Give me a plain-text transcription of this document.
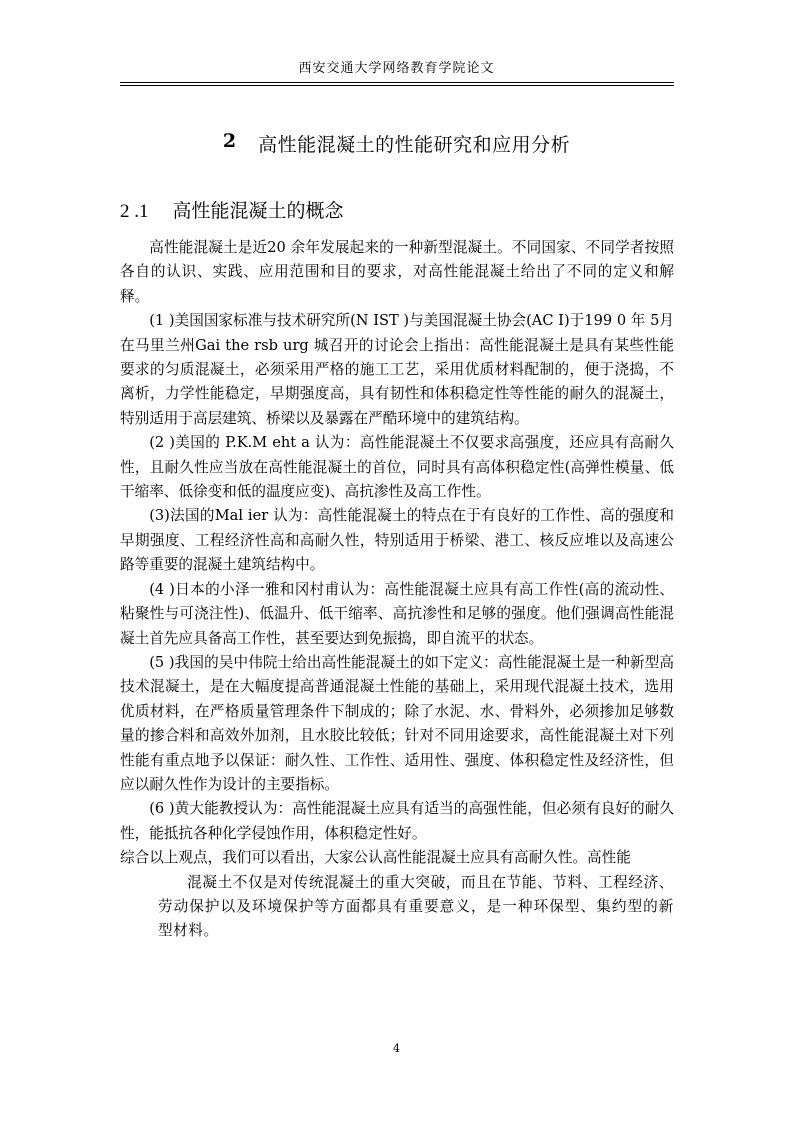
西安交通大学网络教育学院论文
2 高性能混凝土的性能研究和应用分析
2 .1 高性能混凝土的概念

高性能混凝土是近20 余年发展起来的一种新型混凝土。不同国家、不同学者按照各自的认识、实践、应用范围和目的要求，对高性能混凝土给出了不同的定义和解释。

(1 )美国国家标准与技术研究所(N IST )与美国混凝土协会(AC I)于199 0 年 5月在马里兰州Gai the rsb urg 城召开的讨论会上指出：高性能混凝土是具有某些性能要求的匀质混凝土，必须采用严格的施工工艺，采用优质材料配制的，便于浇捣，不离析，力学性能稳定，早期强度高，具有韧性和体积稳定性等性能的耐久的混凝土，特别适用于高层建筑、桥梁以及暴露在严酷环境中的建筑结构。

(2 )美国的 P.K.M eht a 认为：高性能混凝土不仅要求高强度，还应具有高耐久性，且耐久性应当放在高性能混凝土的首位，同时具有高体积稳定性(高弹性模量、低干缩率、低徐变和低的温度应变)、高抗渗性及高工作性。

(3)法国的Mal ier 认为：高性能混凝土的特点在于有良好的工作性、高的强度和早期强度、工程经济性高和高耐久性，特别适用于桥梁、港工、核反应堆以及高速公路等重要的混凝土建筑结构中。

(4 )日本的小泽一雅和冈村甫认为：高性能混凝土应具有高工作性(高的流动性、粘聚性与可浇注性)、低温升、低干缩率、高抗渗性和足够的强度。他们强调高性能混凝土首先应具备高工作性，甚至要达到免振捣，即自流平的状态。

(5 )我国的吴中伟院士给出高性能混凝土的如下定义：高性能混凝土是一种新型高技术混凝土，是在大幅度提高普通混凝土性能的基础上，采用现代混凝土技术，选用优质材料，在严格质量管理条件下制成的；除了水泥、水、骨料外，必须掺加足够数量的掺合料和高效外加剂，且水胶比较低；针对不同用途要求，高性能混凝土对下列性能有重点地予以保证：耐久性、工作性、适用性、强度、体积稳定性及经济性，但应以耐久性作为设计的主要指标。

(6 )黄大能教授认为：高性能混凝土应具有适当的高强性能，但必须有良好的耐久性，能抵抗各种化学侵蚀作用，体积稳定性好。

综合以上观点，我们可以看出，大家公认高性能混凝土应具有高耐久性。高性能

混凝土不仅是对传统混凝土的重大突破，而且在节能、节料、工程经济、劳动保护以及环境保护等方面都具有重要意义，是一种环保型、集约型的新型材料。

4
